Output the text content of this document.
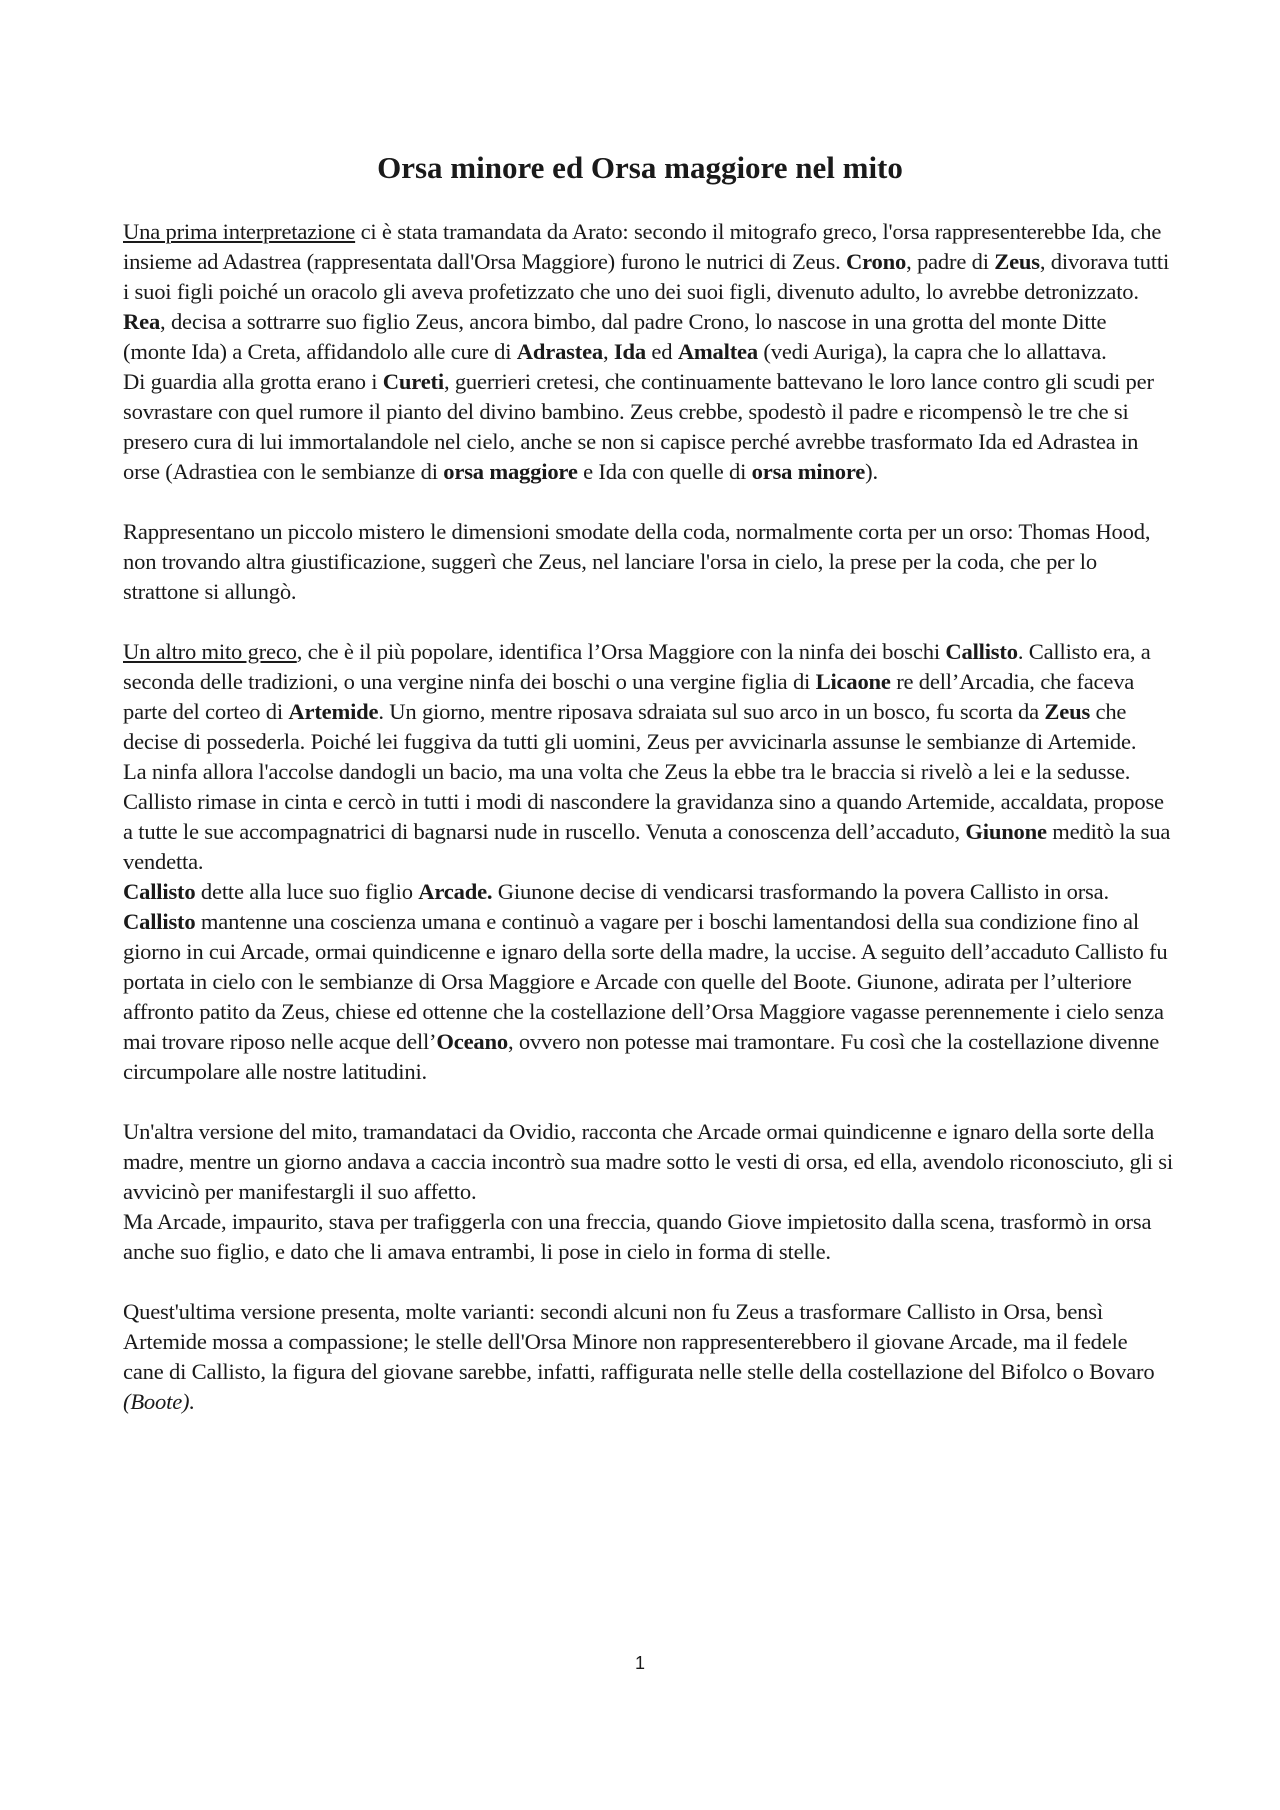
Orsa minore ed Orsa maggiore nel mito

Una prima interpretazione ci è stata tramandata da Arato: secondo il mitografo greco, l'orsa rappresenterebbe Ida, che insieme ad Adastrea (rappresentata dall'Orsa Maggiore) furono le nutrici di Zeus. Crono, padre di Zeus, divorava tutti i suoi figli poiché un oracolo gli aveva profetizzato che uno dei suoi figli, divenuto adulto, lo avrebbe detronizzato.

Rea, decisa a sottrarre suo figlio Zeus, ancora bimbo, dal padre Crono, lo nascose in una grotta del monte Ditte (monte Ida) a Creta, affidandolo alle cure di Adrastea, Ida ed Amaltea (vedi Auriga), la capra che lo allattava.

Di guardia alla grotta erano i Cureti, guerrieri cretesi, che continuamente battevano le loro lance contro gli scudi per sovrastare con quel rumore il pianto del divino bambino. Zeus crebbe, spodestò il padre e ricompensò le tre che si presero cura di lui immortalandole nel cielo, anche se non si capisce perché avrebbe trasformato Ida ed Adrastea in orse (Adrastiea con le sembianze di orsa maggiore e Ida con quelle di orsa minore).

Rappresentano un piccolo mistero le dimensioni smodate della coda, normalmente corta per un orso: Thomas Hood, non trovando altra giustificazione, suggerì che Zeus, nel lanciare l'orsa in cielo, la prese per la coda, che per lo strattone si allungò.

Un altro mito greco, che è il più popolare, identifica l’Orsa Maggiore con la ninfa dei boschi Callisto. Callisto era, a seconda delle tradizioni, o una vergine ninfa dei boschi o una vergine figlia di Licaone re dell’Arcadia, che faceva parte del corteo di Artemide. Un giorno, mentre riposava sdraiata sul suo arco in un bosco, fu scorta da Zeus che decise di possederla. Poiché lei fuggiva da tutti gli uomini, Zeus per avvicinarla assunse le sembianze di Artemide.

La ninfa allora l'accolse dandogli un bacio, ma una volta che Zeus la ebbe tra le braccia si rivelò a lei e la sedusse.

Callisto rimase in cinta e cercò in tutti i modi di nascondere la gravidanza sino a quando Artemide, accaldata, propose a tutte le sue accompagnatrici di bagnarsi nude in ruscello. Venuta a conoscenza dell’accaduto, Giunone meditò la sua vendetta.

Callisto dette alla luce suo figlio Arcade. Giunone decise di vendicarsi trasformando la povera Callisto in orsa. Callisto mantenne una coscienza umana e continuò a vagare per i boschi lamentandosi della sua condizione fino al giorno in cui Arcade, ormai quindicenne e ignaro della sorte della madre, la uccise. A seguito dell’accaduto Callisto fu portata in cielo con le sembianze di Orsa Maggiore e Arcade con quelle del Boote. Giunone, adirata per l’ulteriore affronto patito da Zeus, chiese ed ottenne che la costellazione dell’Orsa Maggiore vagasse perennemente i cielo senza mai trovare riposo nelle acque dell’Oceano, ovvero non potesse mai tramontare. Fu così che la costellazione divenne circumpolare alle nostre latitudini.

Un'altra versione del mito, tramandataci da Ovidio, racconta che Arcade ormai quindicenne e ignaro della sorte della madre, mentre un giorno andava a caccia incontrò sua madre sotto le vesti di orsa, ed ella, avendolo riconosciuto, gli si avvicinò per manifestargli il suo affetto.

Ma Arcade, impaurito, stava per trafiggerla con una freccia, quando Giove impietosito dalla scena, trasformò in orsa anche suo figlio, e dato che li amava entrambi, li pose in cielo in forma di stelle.

Quest'ultima versione presenta, molte varianti: secondi alcuni non fu Zeus a trasformare Callisto in Orsa, bensì Artemide mossa a compassione; le stelle dell'Orsa Minore non rappresenterebbero il giovane Arcade, ma il fedele cane di Callisto, la figura del giovane sarebbe, infatti, raffigurata nelle stelle della costellazione del Bifolco o Bovaro (Boote).

1
